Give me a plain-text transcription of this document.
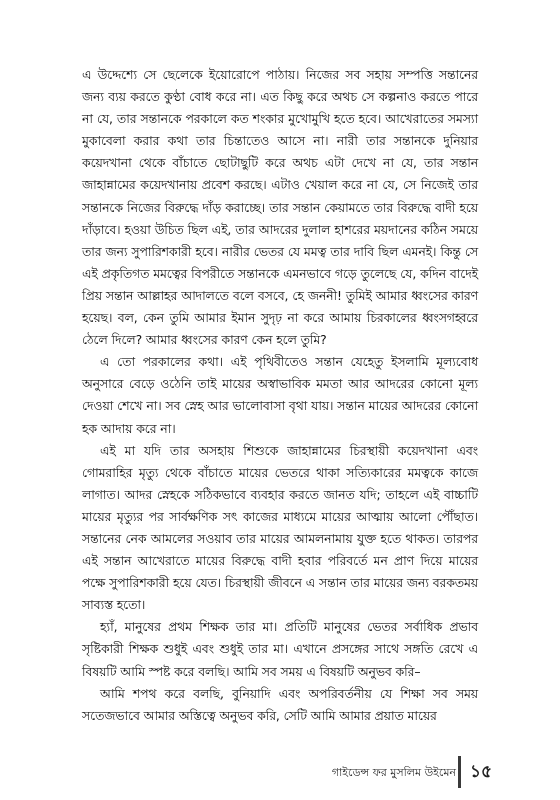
এ উদ্দেশ্যে সে ছেলেকে ইয়োরোপে পাঠায়। নিজের সব সহায় সম্পত্তি সন্তানের জন্য ব্যয় করতে কুণ্ঠা বোধ করে না। এত কিছু করে অথচ সে কল্পনাও করতে পারে না যে, তার সন্তানকে পরকালে কত শংকার মুখোমুখি হতে হবে। আখেরাতের সমস্যা মুকাবেলা করার কথা তার চিন্তাতেও আসে না। নারী তার সন্তানকে দুনিয়ার কয়েদখানা থেকে বাঁচাতে ছোটাছুটি করে অথচ এটা দেখে না যে, তার সন্তান জাহান্নামের কয়েদখানায় প্রবেশ করছে। এটাও খেয়াল করে না যে, সে নিজেই তার সন্তানকে নিজের বিরুদ্ধে দাঁড় করাচ্ছে। তার সন্তান কেয়ামতে তার বিরুদ্ধে বাদী হয়ে দাঁড়াবে। হওয়া উচিত ছিল এই, তার আদরের দুলাল হাশরের ময়দানের কঠিন সময়ে তার জন্য সুপারিশকারী হবে। নারীর ভেতর যে মমত্ব তার দাবি ছিল এমনই। কিন্তু সে এই প্রকৃতিগত মমত্বের বিপরীতে সন্তানকে এমনভাবে গড়ে তুলেছে যে, কদিন বাদেই প্রিয় সন্তান আল্লাহর আদালতে বলে বসবে, হে জননী! তুমিই আমার ধ্বংসের কারণ হয়েছ। বল, কেন তুমি আমার ইমান সুদৃঢ় না করে আমায় চিরকালের ধ্বংসগহ্বরে ঠেলে দিলে? আমার ধ্বংসের কারণ কেন হলে তুমি?

এ তো পরকালের কথা। এই পৃথিবীতেও সন্তান যেহেতু ইসলামি মূল্যবোধ অনুসারে বেড়ে ওঠেনি তাই মায়ের অস্বাভাবিক মমতা আর আদরের কোনো মূল্য দেওয়া শেখে না। সব স্নেহ আর ভালোবাসা বৃথা যায়। সন্তান মায়ের আদরের কোনো হক আদায় করে না।

এই মা যদি তার অসহায় শিশুকে জাহান্নামের চিরস্থায়ী কয়েদখানা এবং গোমরাহির মৃত্যু থেকে বাঁচাতে মায়ের ভেতরে থাকা সত্যিকারের মমত্বকে কাজে লাগাত। আদর স্নেহকে সঠিকভাবে ব্যবহার করতে জানত যদি; তাহলে এই বাচ্চাটি মায়ের মৃত্যুর পর সার্বক্ষণিক সৎ কাজের মাধ্যমে মায়ের আত্মায় আলো পৌঁছাত। সন্তানের নেক আমলের সওয়াব তার মায়ের আমলনামায় যুক্ত হতে থাকত। তারপর এই সন্তান আখেরাতে মায়ের বিরুদ্ধে বাদী হবার পরিবর্তে মন প্রাণ দিয়ে মায়ের পক্ষে সুপারিশকারী হয়ে যেত। চিরস্থায়ী জীবনে এ সন্তান তার মায়ের জন্য বরকতময় সাব্যস্ত হতো।

হ্যাঁ, মানুষের প্রথম শিক্ষক তার মা। প্রতিটি মানুষের ভেতর সর্বাধিক প্রভাব সৃষ্টিকারী শিক্ষক শুধুই এবং শুধুই তার মা। এখানে প্রসঙ্গের সাথে সঙ্গতি রেখে এ বিষয়টি আমি স্পষ্ট করে বলছি। আমি সব সময় এ বিষয়টি অনুভব করি–

আমি শপথ করে বলছি, বুনিয়াদি এবং অপরিবর্তনীয় যে শিক্ষা সব সময় সতেজভাবে আমার অস্তিত্বে অনুভব করি, সেটি আমি আমার প্রয়াত মায়ের

গাইডেন্স ফর মুসলিম উইমেন ১৫
